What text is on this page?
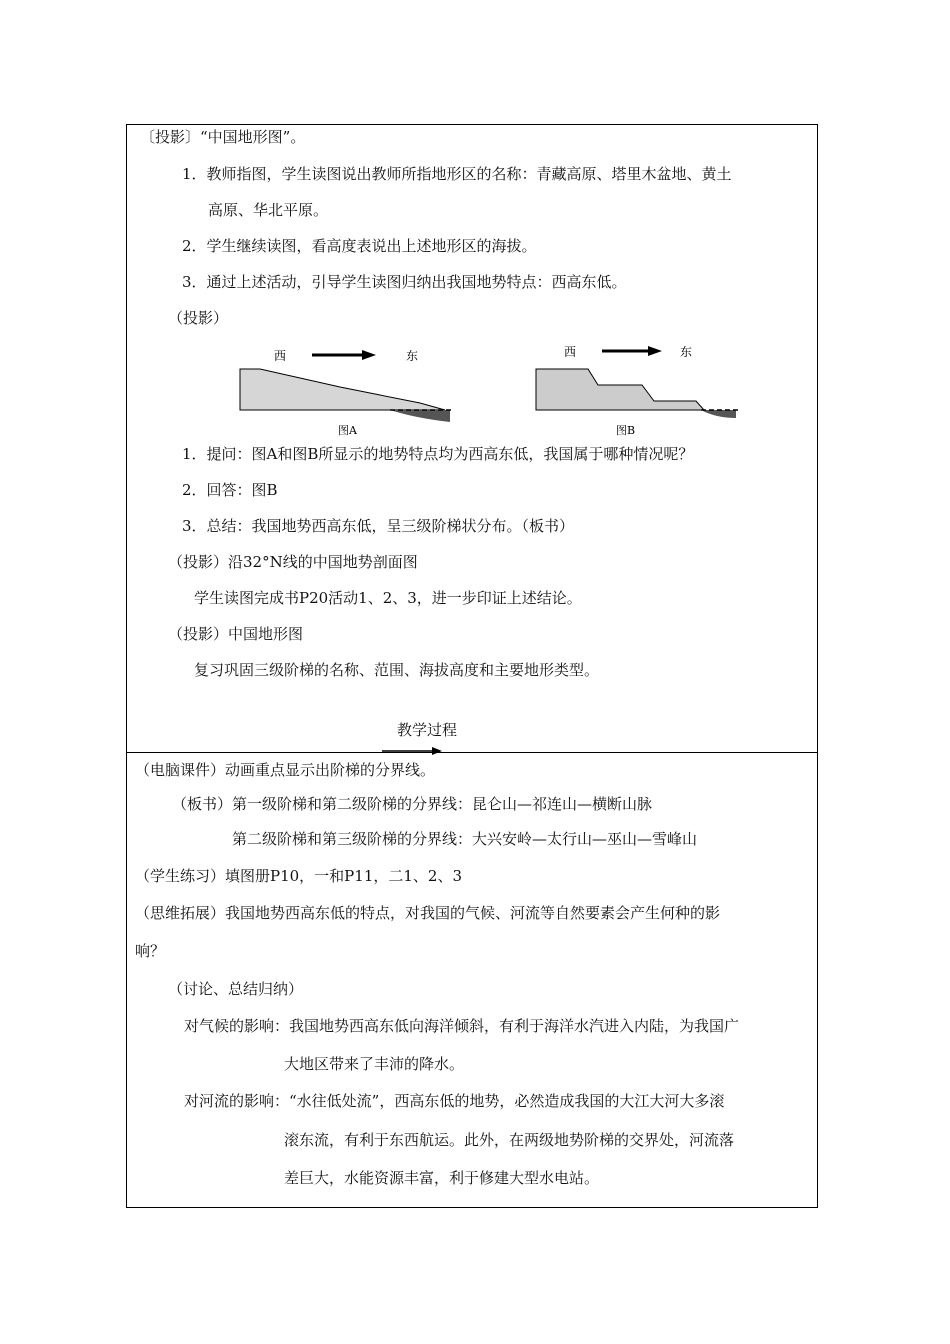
〔投影〕“中国地形图”。
1．教师指图，学生读图说出教师所指地形区的名称：青藏高原、塔里木盆地、黄土
高原、华北平原。
2．学生继续读图，看高度表说出上述地形区的海拔。
3．通过上述活动，引导学生读图归纳出我国地势特点：西高东低。
（投影）
西	东
图A
西	东
图B
1．提问：图A和图B所显示的地势特点均为西高东低，我国属于哪种情况呢？
2．回答：图B
3．总结：我国地势西高东低，呈三级阶梯状分布。（板书）
（投影）沿32°N线的中国地势剖面图
学生读图完成书P20活动1、2、3，进一步印证上述结论。
（投影）中国地形图
复习巩固三级阶梯的名称、范围、海拔高度和主要地形类型。
教学过程
（电脑课件）动画重点显示出阶梯的分界线。
（板书）第一级阶梯和第二级阶梯的分界线：昆仑山—祁连山—横断山脉
第二级阶梯和第三级阶梯的分界线：大兴安岭—太行山—巫山—雪峰山
（学生练习）填图册P10，一和P11，二1、2、3
（思维拓展）我国地势西高东低的特点，对我国的气候、河流等自然要素会产生何种的影
响？
（讨论、总结归纳）
对气候的影响：我国地势西高东低向海洋倾斜，有利于海洋水汽进入内陆，为我国广
大地区带来了丰沛的降水。
对河流的影响：“水往低处流”，西高东低的地势，必然造成我国的大江大河大多滚
滚东流，有利于东西航运。此外，在两级地势阶梯的交界处，河流落
差巨大，水能资源丰富，利于修建大型水电站。
